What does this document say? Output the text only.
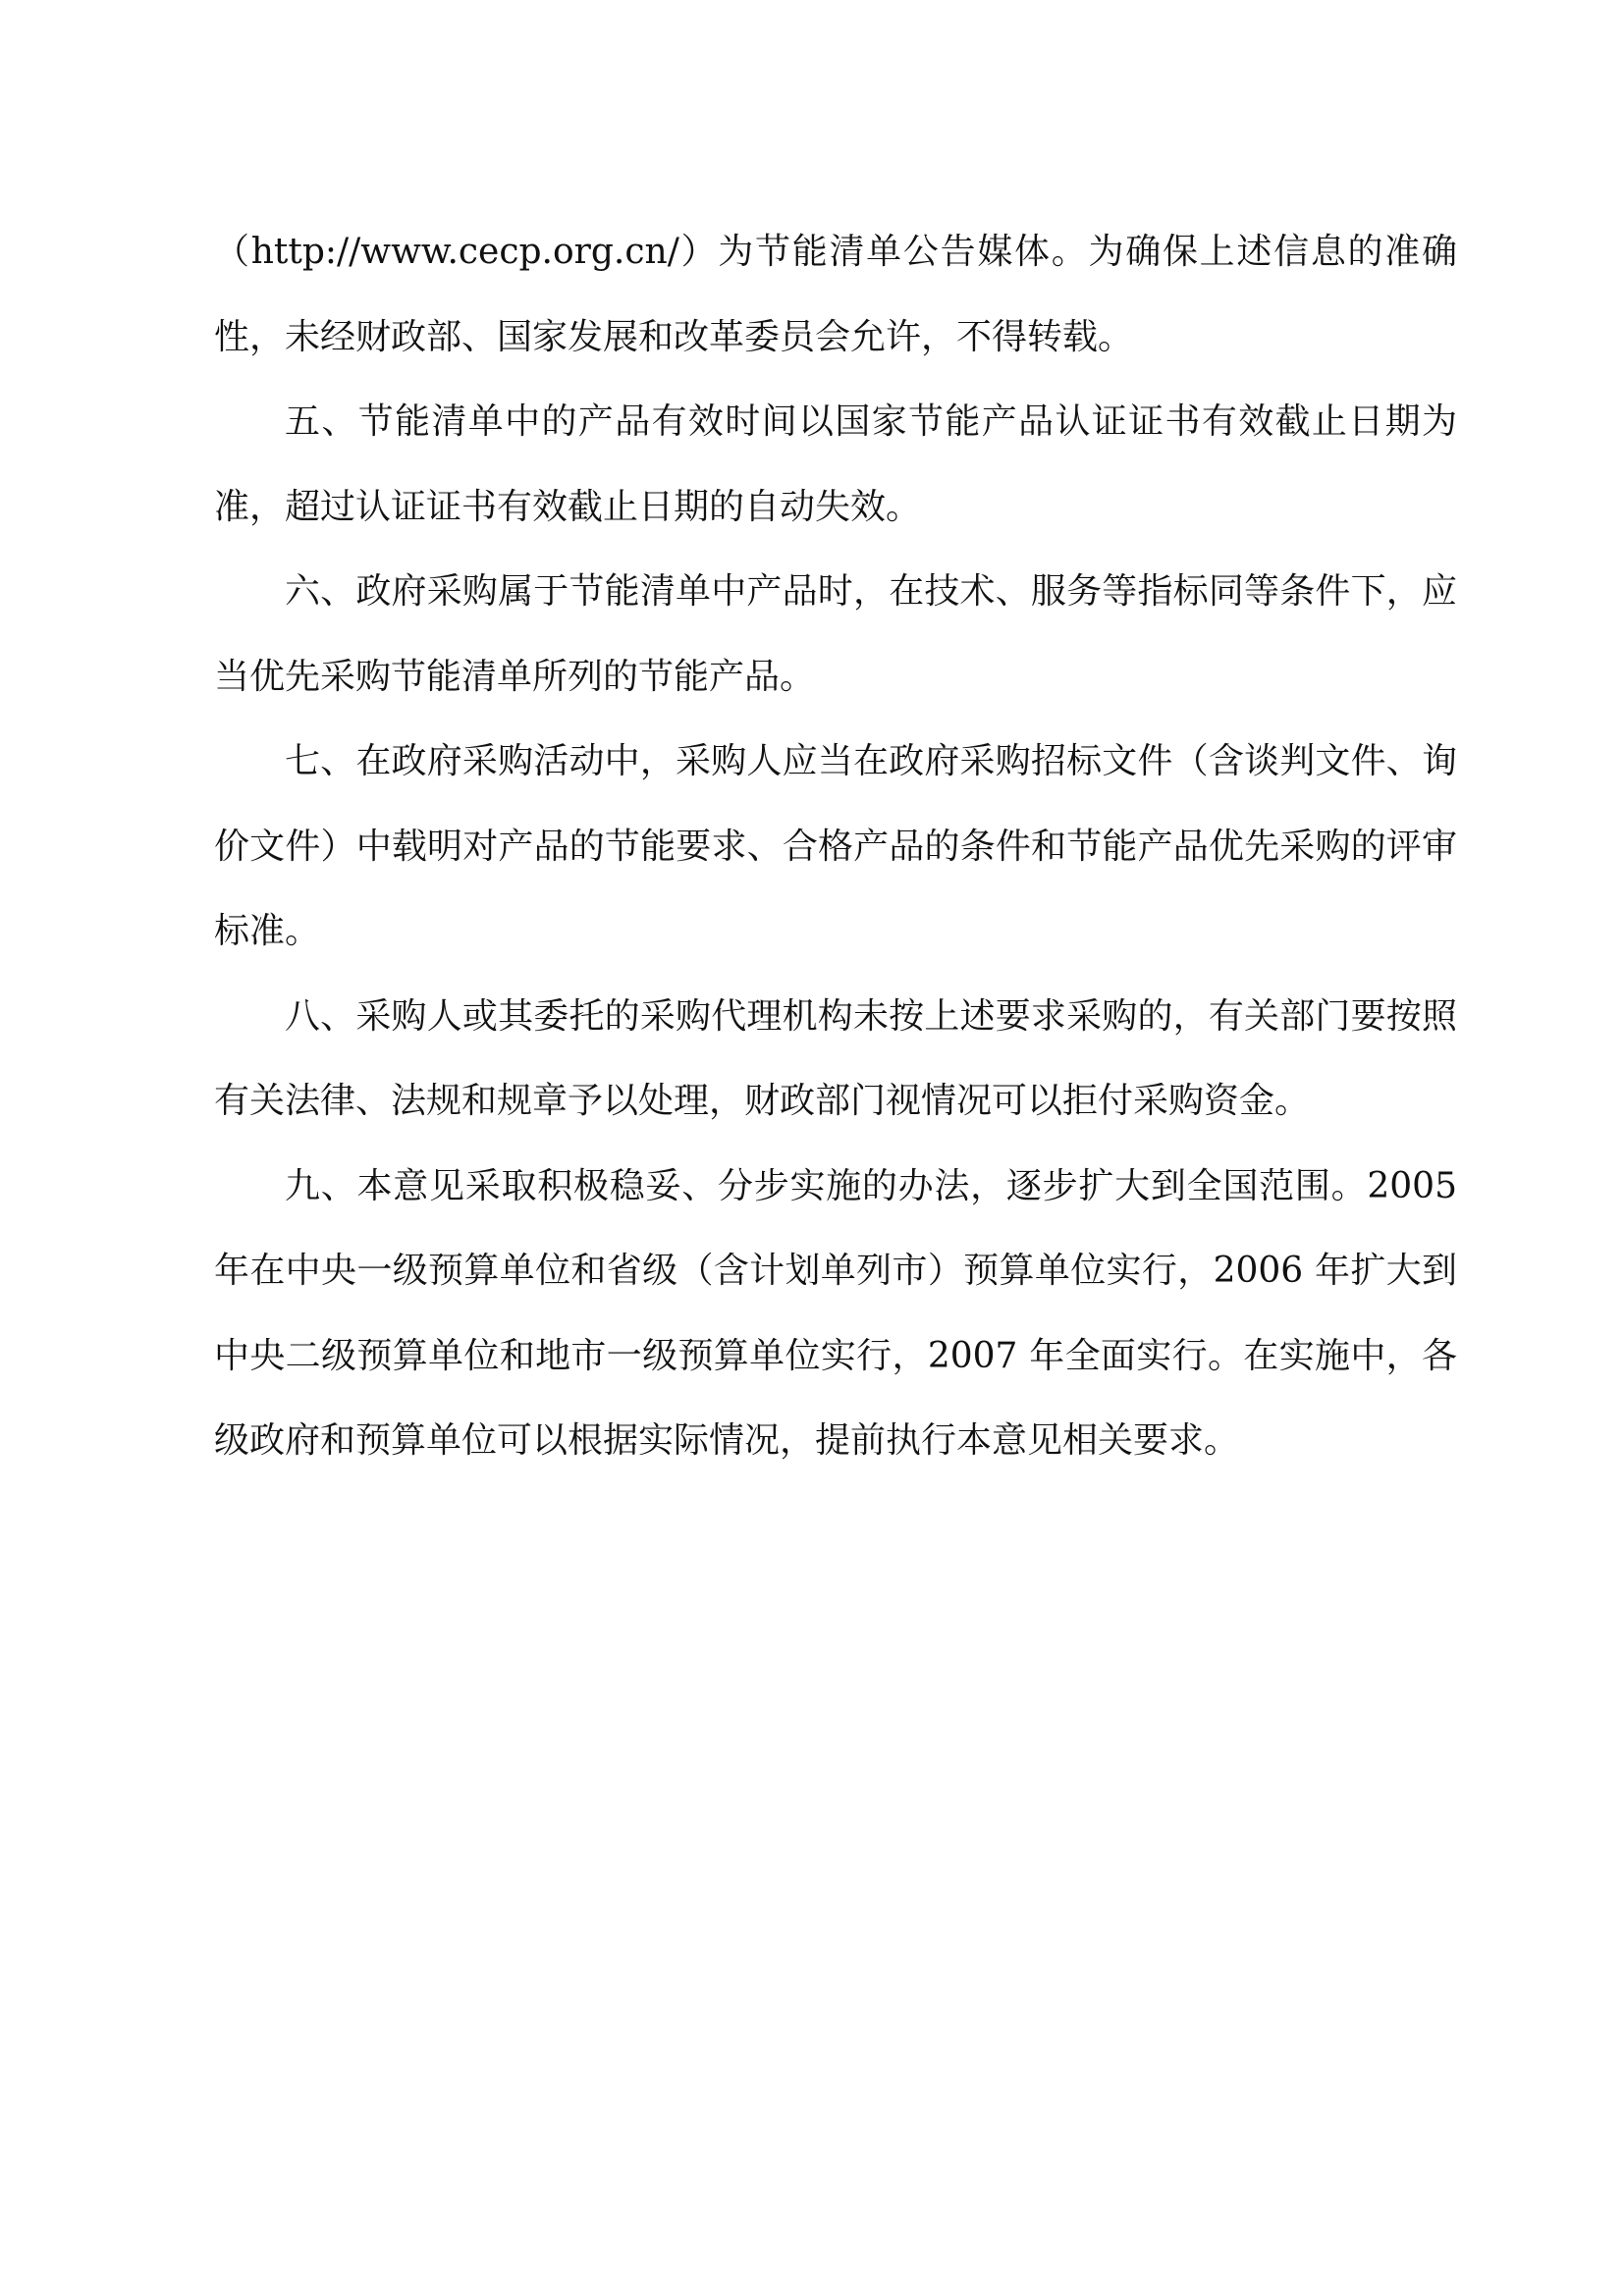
（http://www.cecp.org.cn/）为节能清单公告媒体。为确保上述信息的准确性，未经财政部、国家发展和改革委员会允许，不得转载。

五、节能清单中的产品有效时间以国家节能产品认证证书有效截止日期为准，超过认证证书有效截止日期的自动失效。

六、政府采购属于节能清单中产品时，在技术、服务等指标同等条件下，应当优先采购节能清单所列的节能产品。

七、在政府采购活动中，采购人应当在政府采购招标文件（含谈判文件、询价文件）中载明对产品的节能要求、合格产品的条件和节能产品优先采购的评审标准。

八、采购人或其委托的采购代理机构未按上述要求采购的，有关部门要按照有关法律、法规和规章予以处理，财政部门视情况可以拒付采购资金。

九、本意见采取积极稳妥、分步实施的办法，逐步扩大到全国范围。2005 年在中央一级预算单位和省级（含计划单列市）预算单位实行，2006 年扩大到中央二级预算单位和地市一级预算单位实行，2007 年全面实行。在实施中，各级政府和预算单位可以根据实际情况，提前执行本意见相关要求。
